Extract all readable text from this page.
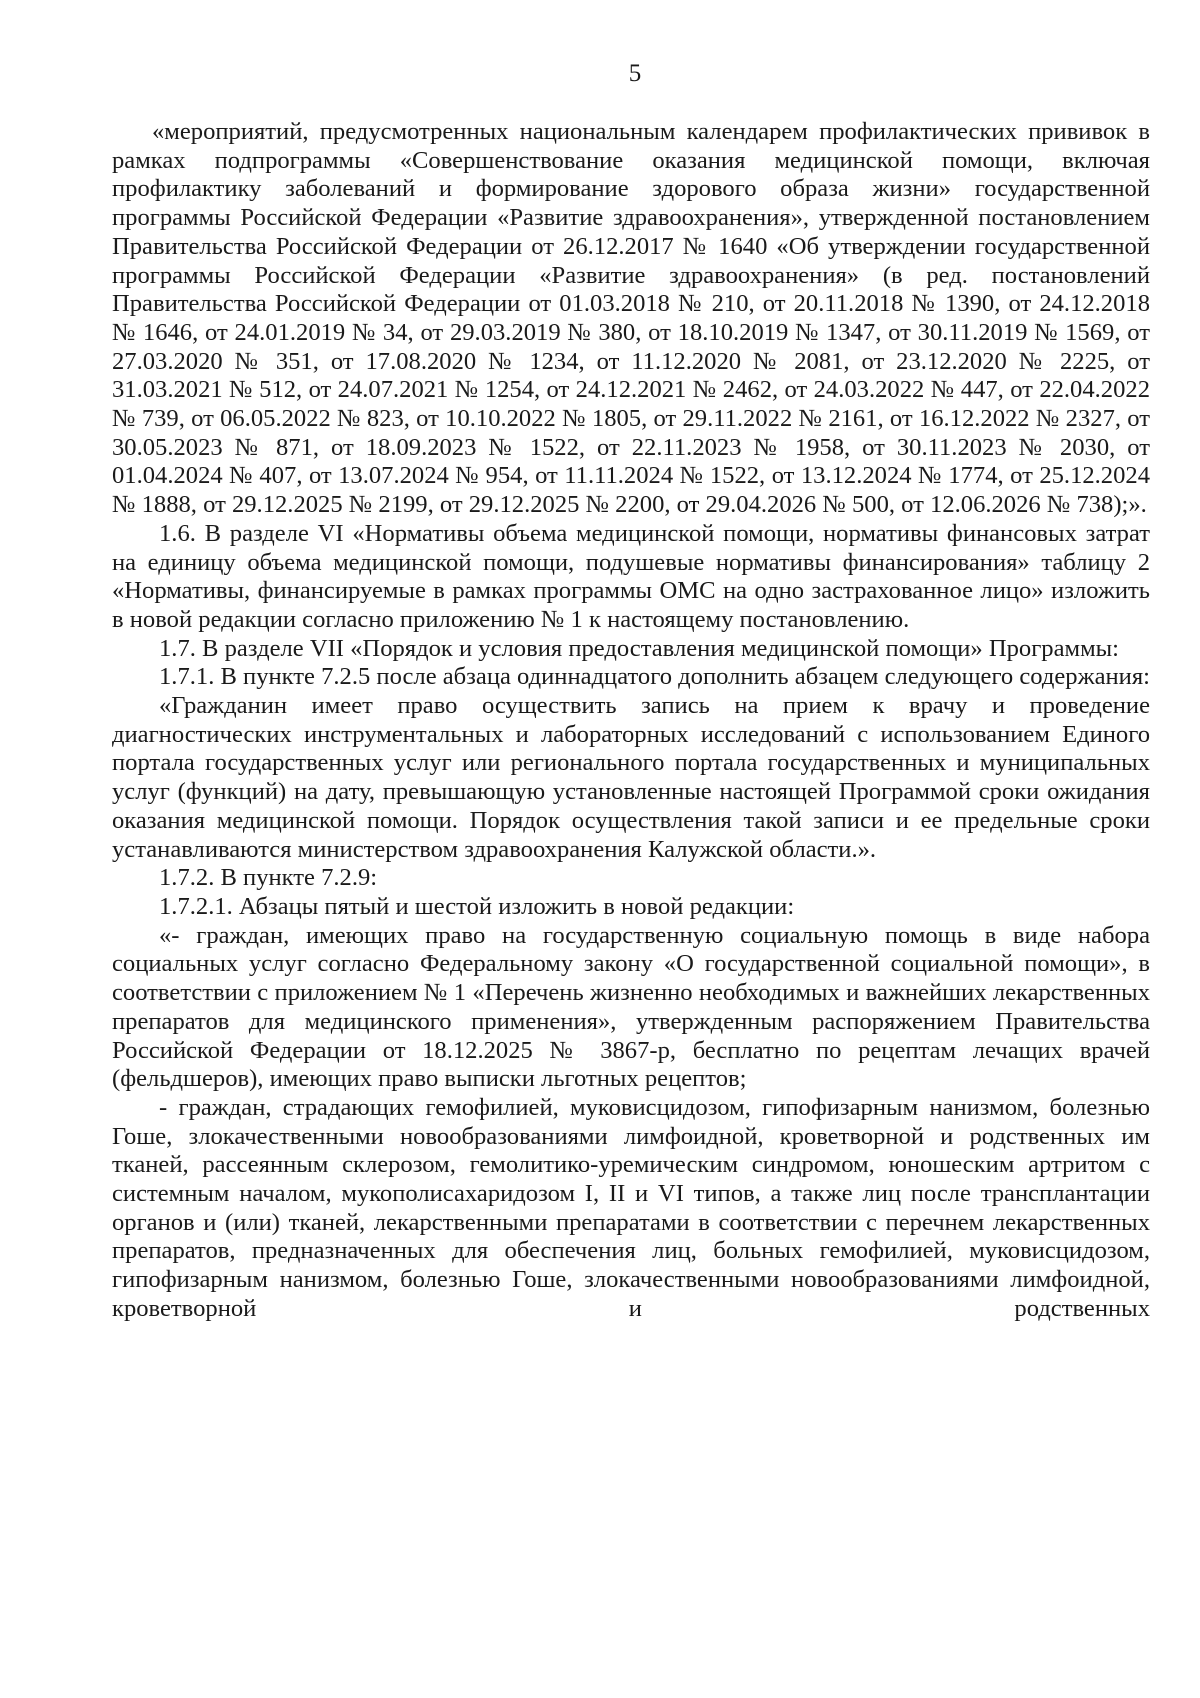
5

«мероприятий, предусмотренных национальным календарем профилактических прививок в рамках подпрограммы «Совершенствование оказания медицинской помощи, включая профилактику заболеваний и формирование здорового образа жизни» государственной программы Российской Федерации «Развитие здравоохранения», утвержденной постановлением Правительства Российской Федерации от 26.12.2017 № 1640 «Об утверждении государственной программы Российской Федерации «Развитие здравоохранения» (в ред. постановлений Правительства Российской Федерации от 01.03.2018 № 210, от 20.11.2018 № 1390, от 24.12.2018 № 1646, от 24.01.2019 № 34, от 29.03.2019 № 380, от 18.10.2019 № 1347, от 30.11.2019 № 1569, от 27.03.2020 № 351, от 17.08.2020 № 1234, от 11.12.2020 № 2081, от 23.12.2020 № 2225, от 31.03.2021 № 512, от 24.07.2021 № 1254, от 24.12.2021 № 2462, от 24.03.2022 № 447, от 22.04.2022 № 739, от 06.05.2022 № 823, от 10.10.2022 № 1805, от 29.11.2022 № 2161, от 16.12.2022 № 2327, от 30.05.2023 № 871, от 18.09.2023 № 1522, от 22.11.2023 № 1958, от 30.11.2023 № 2030, от 01.04.2024 № 407, от 13.07.2024 № 954, от 11.11.2024 № 1522, от 13.12.2024 № 1774, от 25.12.2024 № 1888, от 29.12.2025 № 2199, от 29.12.2025 № 2200, от 29.04.2026 № 500, от 12.06.2026 № 738);».

1.6. В разделе VI «Нормативы объема медицинской помощи, нормативы финансовых затрат на единицу объема медицинской помощи, подушевые нормативы финансирования» таблицу 2 «Нормативы, финансируемые в рамках программы ОМС на одно застрахованное лицо» изложить в новой редакции согласно приложению № 1 к настоящему постановлению.

1.7. В разделе VII «Порядок и условия предоставления медицинской помощи» Программы:

1.7.1. В пункте 7.2.5 после абзаца одиннадцатого дополнить абзацем следующего содержания:

«Гражданин имеет право осуществить запись на прием к врачу и проведение диагностических инструментальных и лабораторных исследований с использованием Единого портала государственных услуг или регионального портала государственных и муниципальных услуг (функций) на дату, превышающую установленные настоящей Программой сроки ожидания оказания медицинской помощи. Порядок осуществления такой записи и ее предельные сроки устанавливаются министерством здравоохранения Калужской области.».

1.7.2. В пункте 7.2.9:

1.7.2.1. Абзацы пятый и шестой изложить в новой редакции:

«- граждан, имеющих право на государственную социальную помощь в виде набора социальных услуг согласно Федеральному закону «О государственной социальной помощи», в соответствии с приложением № 1 «Перечень жизненно необходимых и важнейших лекарственных препаратов для медицинского применения», утвержденным распоряжением Правительства Российской Федерации от 18.12.2025 № 3867-р, бесплатно по рецептам лечащих врачей (фельдшеров), имеющих право выписки льготных рецептов;

- граждан, страдающих гемофилией, муковисцидозом, гипофизарным нанизмом, болезнью Гоше, злокачественными новообразованиями лимфоидной, кроветворной и родственных им тканей, рассеянным склерозом, гемолитико-уремическим синдромом, юношеским артритом с системным началом, мукополисахаридозом I, II и VI типов, а также лиц после трансплантации органов и (или) тканей, лекарственными препаратами в соответствии с перечнем лекарственных препаратов, предназначенных для обеспечения лиц, больных гемофилией, муковисцидозом, гипофизарным нанизмом, болезнью Гоше, злокачественными новообразованиями лимфоидной, кроветворной и родственных
